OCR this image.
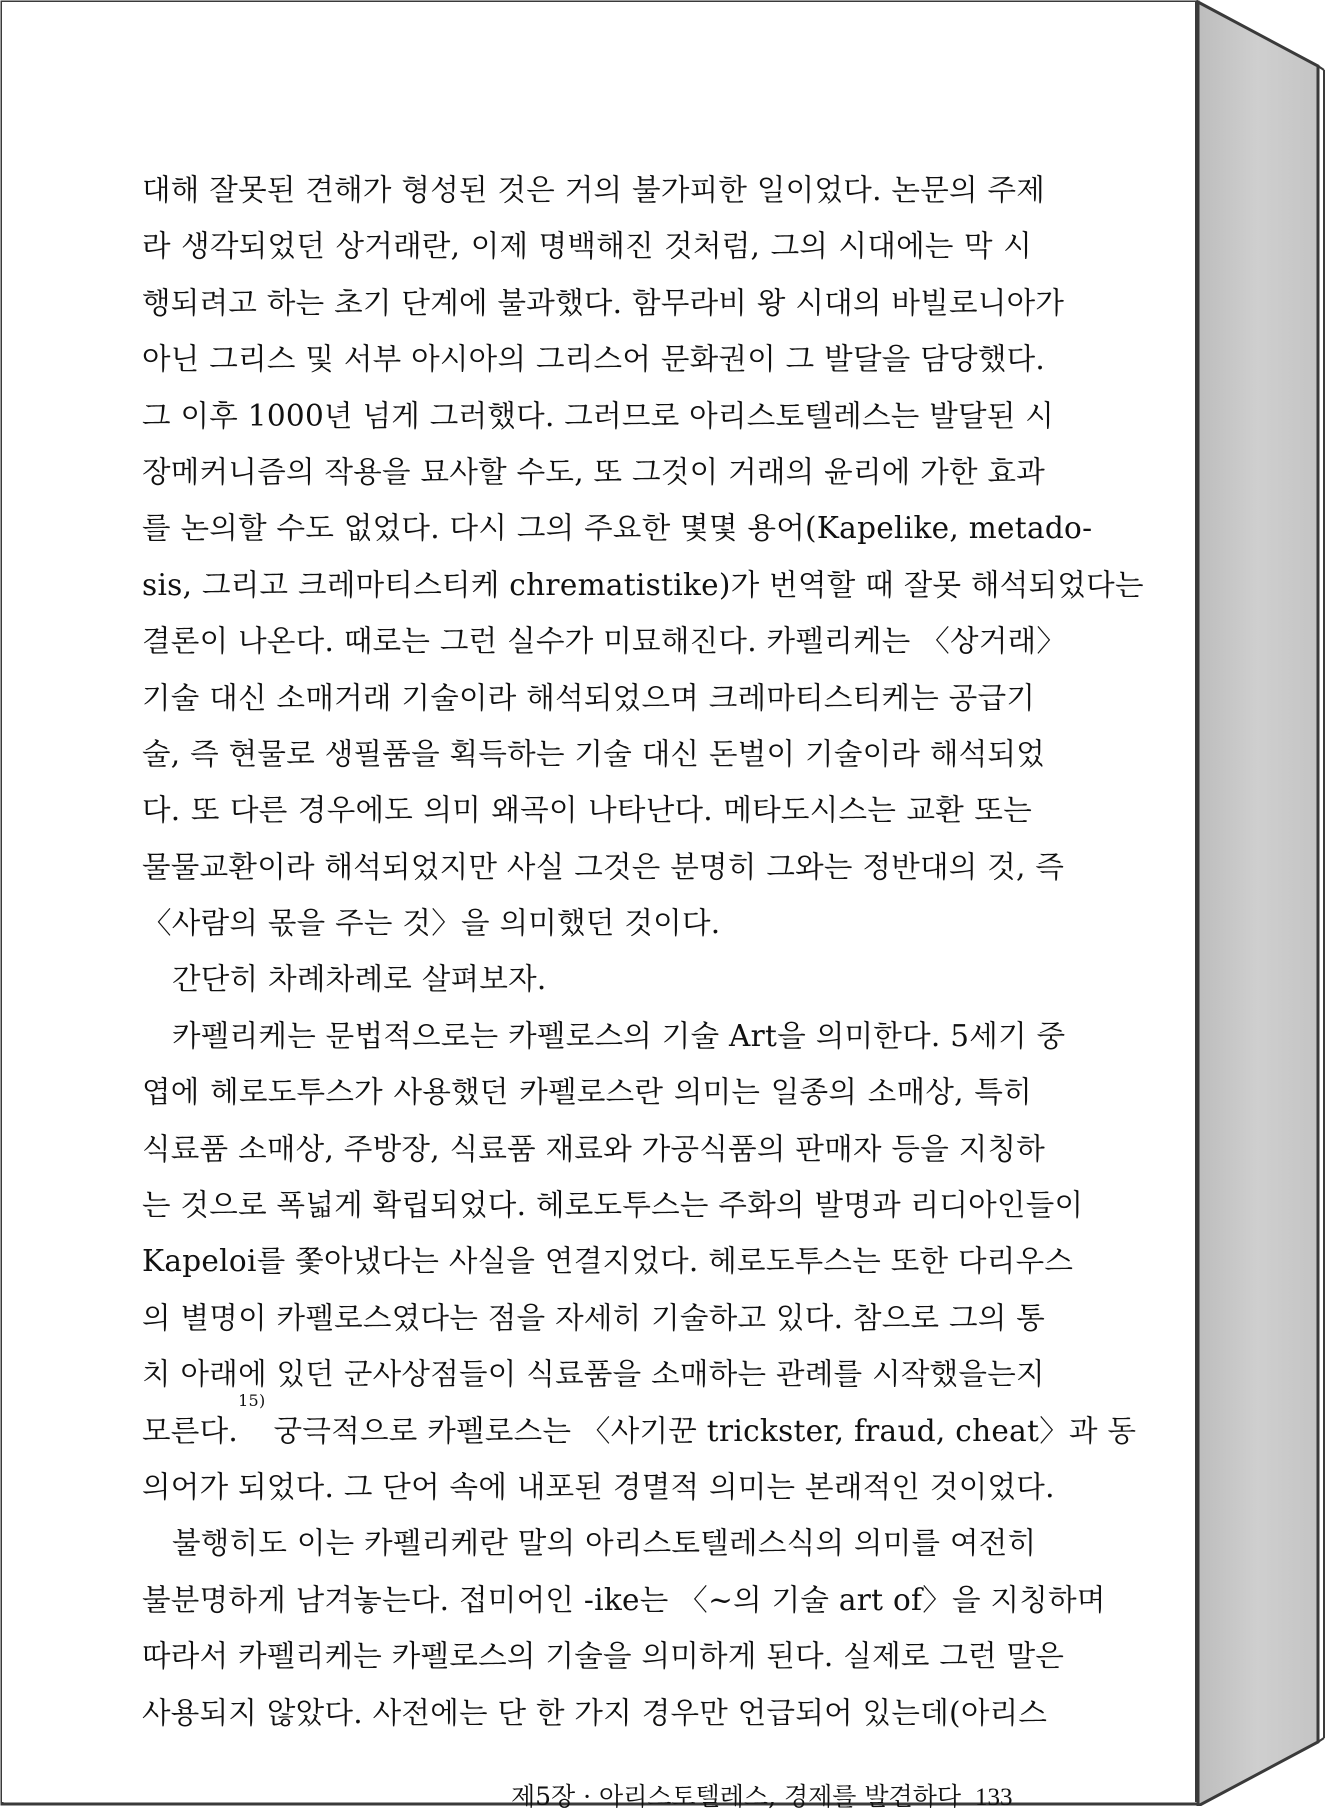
대해 잘못된 견해가 형성된 것은 거의 불가피한 일이었다. 논문의 주제
라 생각되었던 상거래란, 이제 명백해진 것처럼, 그의 시대에는 막 시
행되려고 하는 초기 단계에 불과했다. 함무라비 왕 시대의 바빌로니아가
아닌 그리스 및 서부 아시아의 그리스어 문화권이 그 발달을 담당했다.
그 이후 1000년 넘게 그러했다. 그러므로 아리스토텔레스는 발달된 시
장메커니즘의 작용을 묘사할 수도, 또 그것이 거래의 윤리에 가한 효과
를 논의할 수도 없었다. 다시 그의 주요한 몇몇 용어(Kapelike, metado-
sis, 그리고 크레마티스티케 chrematistike)가 번역할 때 잘못 해석되었다는
결론이 나온다. 때로는 그런 실수가 미묘해진다. 카펠리케는 〈상거래〉
기술 대신 소매거래 기술이라 해석되었으며 크레마티스티케는 공급기
술, 즉 현물로 생필품을 획득하는 기술 대신 돈벌이 기술이라 해석되었
다. 또 다른 경우에도 의미 왜곡이 나타난다. 메타도시스는 교환 또는
물물교환이라 해석되었지만 사실 그것은 분명히 그와는 정반대의 것, 즉
〈사람의 몫을 주는 것〉을 의미했던 것이다.
간단히 차례차례로 살펴보자.
카펠리케는 문법적으로는 카펠로스의 기술 Art을 의미한다. 5세기 중
엽에 헤로도투스가 사용했던 카펠로스란 의미는 일종의 소매상, 특히
식료품 소매상, 주방장, 식료품 재료와 가공식품의 판매자 등을 지칭하
는 것으로 폭넓게 확립되었다. 헤로도투스는 주화의 발명과 리디아인들이
Kapeloi를 쫓아냈다는 사실을 연결지었다. 헤로도투스는 또한 다리우스
의 별명이 카펠로스였다는 점을 자세히 기술하고 있다. 참으로 그의 통
치 아래에 있던 군사상점들이 식료품을 소매하는 관례를 시작했을는지
모른다.$^{15)}$궁극적으로 카펠로스는 〈사기꾼 trickster, fraud, cheat〉과 동
의어가 되었다. 그 단어 속에 내포된 경멸적 의미는 본래적인 것이었다.
불행히도 이는 카펠리케란 말의 아리스토텔레스식의 의미를 여전히
불분명하게 남겨놓는다. 접미어인 -ike는 〈~의 기술 art of〉을 지칭하며
따라서 카펠리케는 카펠로스의 기술을 의미하게 된다. 실제로 그런 말은
사용되지 않았다. 사전에는 단 한 가지 경우만 언급되어 있는데(아리스
제5장 · 아리스토텔레스, 경제를 발견하다 133
